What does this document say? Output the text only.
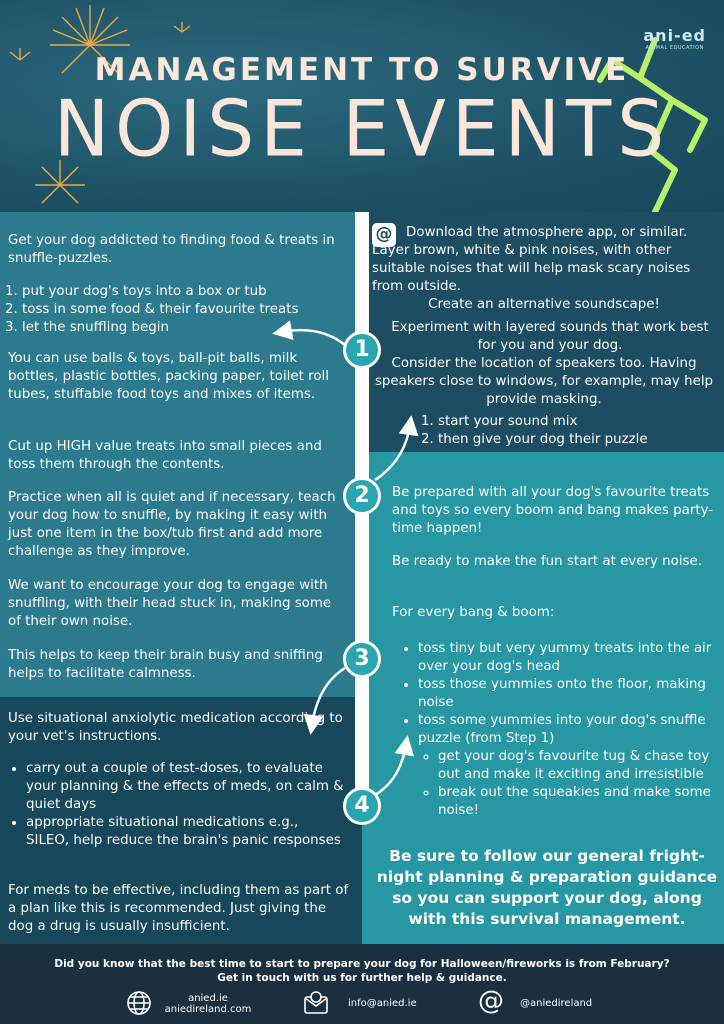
MANAGEMENT TO SURVIVE
NOISE EVENTS
ani-ed
ANIMAL EDUCATION
Get your dog addicted to finding food & treats in snuffle-puzzles.
1. put your dog's toys into a box or tub
2. toss in some food & their favourite treats
3. let the snuffling begin
You can use balls & toys, ball-pit balls, milk bottles, plastic bottles, packing paper, toilet roll tubes, stuffable food toys and mixes of items.
Cut up HIGH value treats into small pieces and toss them through the contents.
Practice when all is quiet and if necessary, teach your dog how to snuffle, by making it easy with just one item in the box/tub first and add more challenge as they improve.
We want to encourage your dog to engage with snuffling, with their head stuck in, making some of their own noise.
This helps to keep their brain busy and sniffing helps to facilitate calmness.
@	Download the atmosphere app, or similar. Layer brown, white & pink noises, with other suitable noises that will help mask scary noises from outside.
Create an alternative soundscape!
Experiment with layered sounds that work best for you and your dog.
Consider the location of speakers too. Having speakers close to windows, for example, may help provide masking.
1. start your sound mix
2. then give your dog their puzzle
Be prepared with all your dog's favourite treats and toys so every boom and bang makes party-time happen!
Be ready to make the fun start at every noise.
For every bang & boom:
• toss tiny but very yummy treats into the air over your dog's head
• toss those yummies onto the floor, making noise
• toss some yummies into your dog's snuffle puzzle (from Step 1)
◦ get your dog's favourite tug & chase toy out and make it exciting and irresistible
◦ break out the squeakies and make some noise!
Be sure to follow our general fright-night planning & preparation guidance so you can support your dog, along with this survival management.
Use situational anxiolytic medication according to your vet's instructions.
• carry out a couple of test-doses, to evaluate your planning & the effects of meds, on calm & quiet days
• appropriate situational medications e.g., SILEO, help reduce the brain's panic responses
For meds to be effective, including them as part of a plan like this is recommended. Just giving the dog a drug is usually insufficient.
1
2
3
4
Did you know that the best time to start to prepare your dog for Halloween/fireworks is from February?
Get in touch with us for further help & guidance.
anied.ie
aniedireland.com
info@anied.ie @ @aniedireland
